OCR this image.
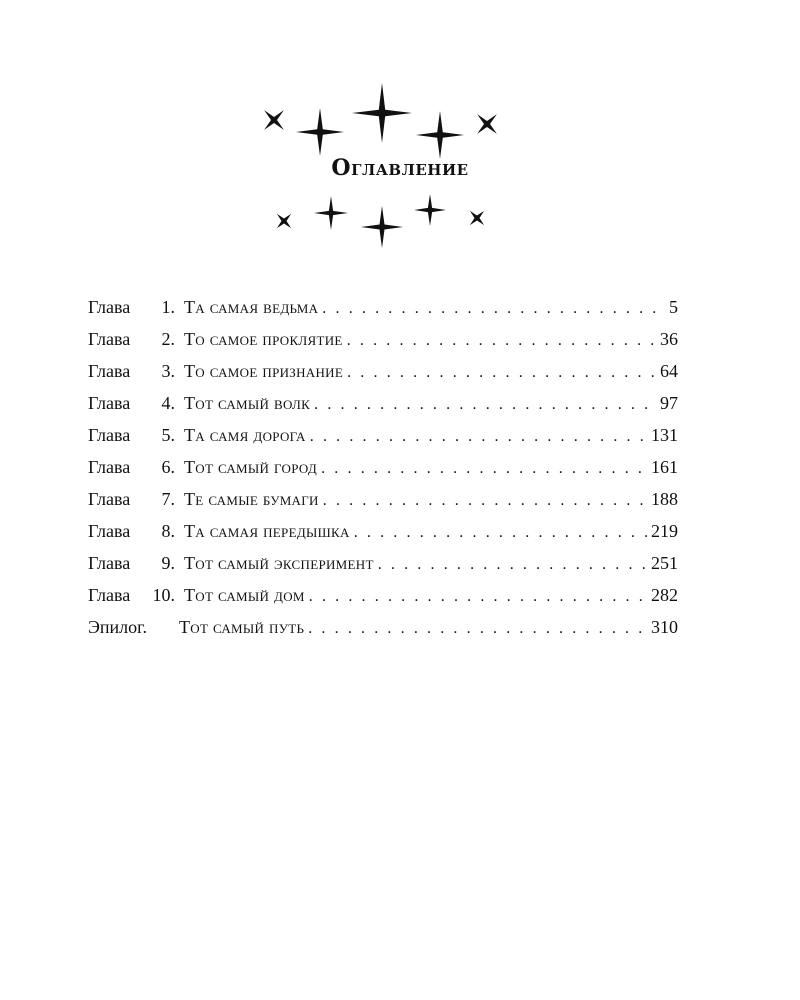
Оглавление
Глава 1. Та самая ведьма . . .	5
Глава 2. То самое проклятие . . .	36
Глава 3. То самое признание . . .	64
Глава 4. Тот самый волк . . .	97
Глава 5. Та самя дорога . . .	131
Глава 6. Тот самый город . . .	161
Глава 7. Те самые бумаги . . .	188
Глава 8. Та самая передышка . . .	219
Глава 9. Тот самый эксперимент . . .	251
Глава 10. Тот самый дом . . .	282
Эпилог.	Тот самый путь . . .	310
